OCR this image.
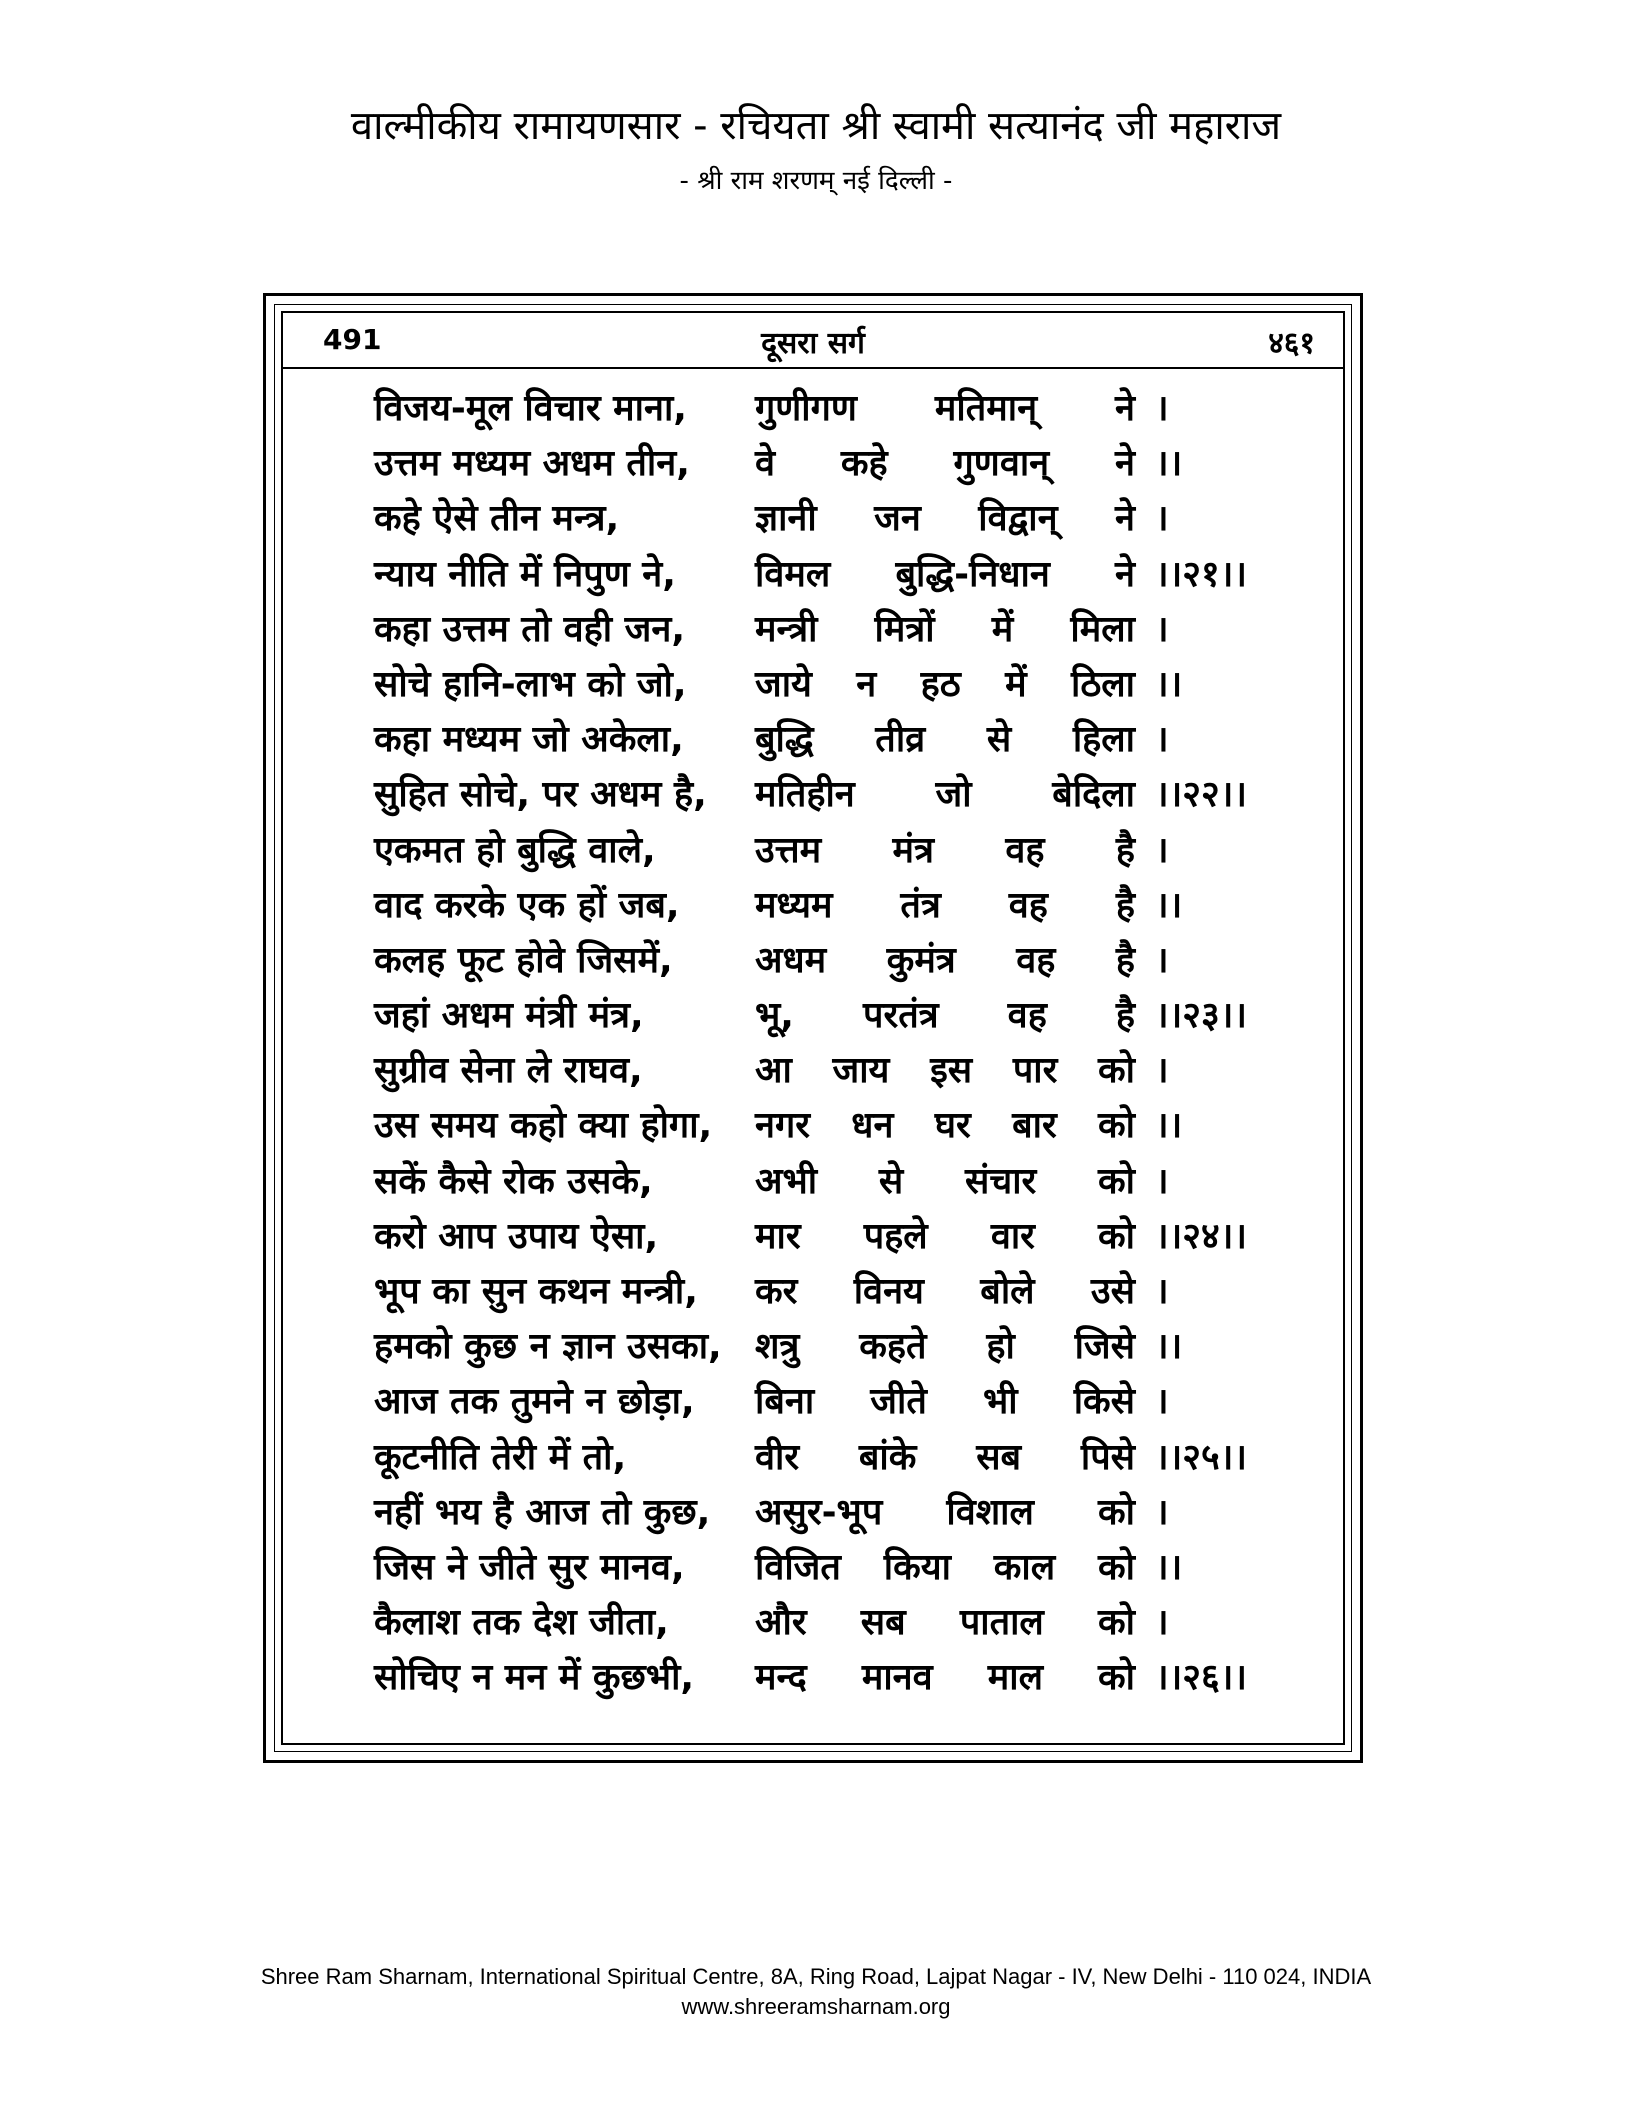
वाल्मीकीय रामायणसार - रचियता श्री स्वामी सत्यानंद जी महाराज
- श्री राम शरणम् नई दिल्ली -
491	दूसरा सर्ग	४६१
विजय-मूल विचार माना, गुणीगण मतिमान् ने ।
उत्तम मध्यम अधम तीन, वे कहे गुणवान् ने ।।
कहे ऐसे तीन मन्त्र,	ज्ञानी जन विद्वान् ने ।
न्याय नीति में निपुण ने, विमल बुद्धि-निधान ने ।।२१।।
कहा उत्तम तो वही जन, मन्त्री मित्रों में मिला ।
सोचे हानि-लाभ को जो, जाये न हठ में ठिला ।।
कहा मध्यम जो अकेला, बुद्धि तीव्र से हिला ।
सुहित सोचे, पर अधम है, मतिहीन जो बेदिला ।।२२।।
एकमत हो बुद्धि वाले,	उत्तम मंत्र वह है ।
वाद करके एक हों जब, मध्यम तंत्र वह है ।।
कलह फूट होवे जिसमें, अधम कुमंत्र वह है ।
जहां अधम मंत्री मंत्र,	भू, परतंत्र वह है ।।२३।।
सुग्रीव सेना ले राघव,	आ जाय इस पार को ।
उस समय कहो क्या होगा, नगर धन घर बार को ।।
सकें कैसे रोक उसके,	अभी से संचार को ।
करो आप उपाय ऐसा,	मार पहले वार को ।।२४।।
भूप का सुन कथन मन्त्री, कर विनय बोले उसे ।
हमको कुछ न ज्ञान उसका, शत्रु कहते हो जिसे ।।
आज तक तुमने न छोड़ा, बिना जीते भी किसे ।
कूटनीति तेरी में तो,	वीर बांके सब पिसे ।।२५।।
नहीं भय है आज तो कुछ, असुर-भूप विशाल को ।
जिस ने जीते सुर मानव, विजित किया काल को ।।
कैलाश तक देश जीता, और सब पाताल को ।
सोचिए न मन में कुछभी, मन्द मानव माल को ।।२६।।
Shree Ram Sharnam, International Spiritual Centre, 8A, Ring Road, Lajpat Nagar - IV, New Delhi - 110 024, INDIA
www.shreeramsharnam.org
